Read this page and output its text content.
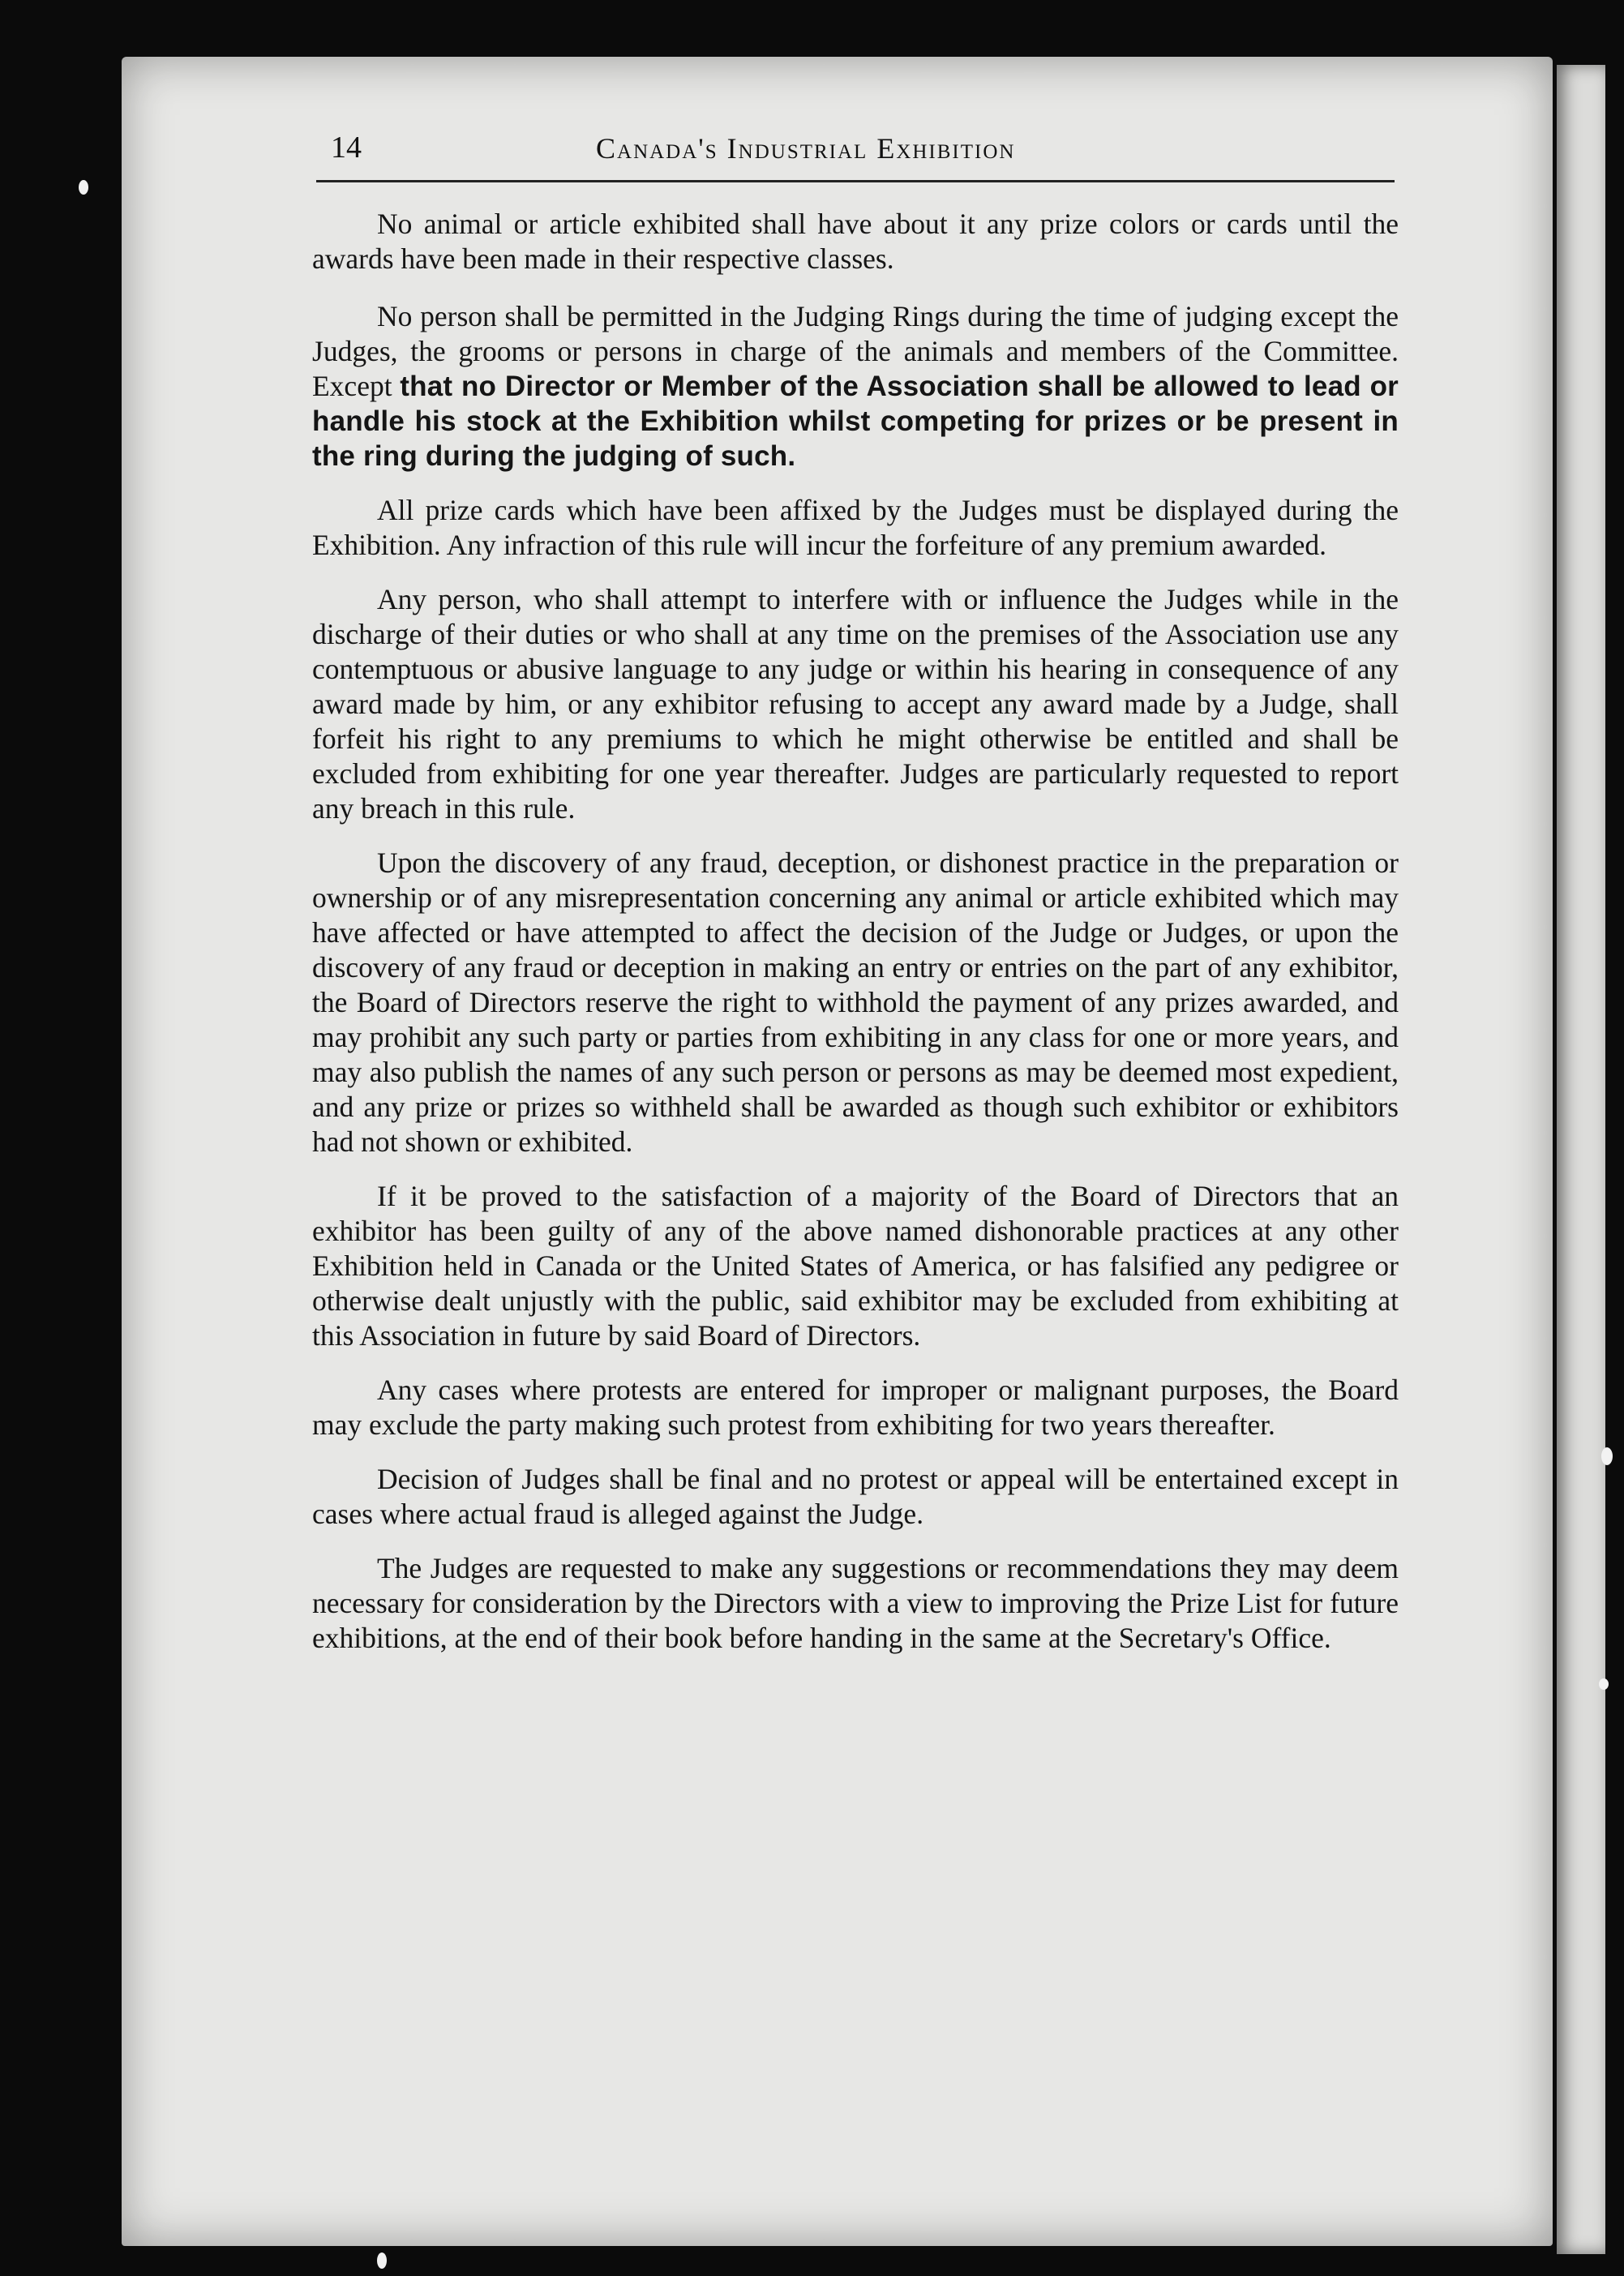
14	Canada's Industrial Exhibition

No animal or article exhibited shall have about it any prize colors or cards until the awards have been made in their respective classes.

No person shall be permitted in the Judging Rings during the time of judging except the Judges, the grooms or persons in charge of the animals and members of the Committee. Except that no Director or Member of the Association shall be allowed to lead or handle his stock at the Exhibition whilst competing for prizes or be present in the ring during the judging of such.

All prize cards which have been affixed by the Judges must be displayed during the Exhibition. Any infraction of this rule will incur the forfeiture of any premium awarded.

Any person, who shall attempt to interfere with or influence the Judges while in the discharge of their duties or who shall at any time on the premises of the Association use any contemptuous or abusive language to any judge or within his hearing in consequence of any award made by him, or any exhibitor refusing to accept any award made by a Judge, shall forfeit his right to any premiums to which he might otherwise be entitled and shall be excluded from exhibiting for one year thereafter. Judges are particularly requested to report any breach in this rule.

Upon the discovery of any fraud, deception, or dishonest practice in the preparation or ownership or of any misrepresentation concerning any animal or article exhibited which may have affected or have attempted to affect the decision of the Judge or Judges, or upon the discovery of any fraud or deception in making an entry or entries on the part of any exhibitor, the Board of Directors reserve the right to withhold the payment of any prizes awarded, and may prohibit any such party or parties from exhibiting in any class for one or more years, and may also publish the names of any such person or persons as may be deemed most expedient, and any prize or prizes so withheld shall be awarded as though such exhibitor or exhibitors had not shown or exhibited.

If it be proved to the satisfaction of a majority of the Board of Directors that an exhibitor has been guilty of any of the above named dishonorable practices at any other Exhibition held in Canada or the United States of America, or has falsified any pedigree or otherwise dealt unjustly with the public, said exhibitor may be excluded from exhibiting at this Association in future by said Board of Directors.

Any cases where protests are entered for improper or malignant purposes, the Board may exclude the party making such protest from exhibiting for two years thereafter.

Decision of Judges shall be final and no protest or appeal will be entertained except in cases where actual fraud is alleged against the Judge.

The Judges are requested to make any suggestions or recommendations they may deem necessary for consideration by the Directors with a view to improving the Prize List for future exhibitions, at the end of their book before handing in the same at the Secretary's Office.
